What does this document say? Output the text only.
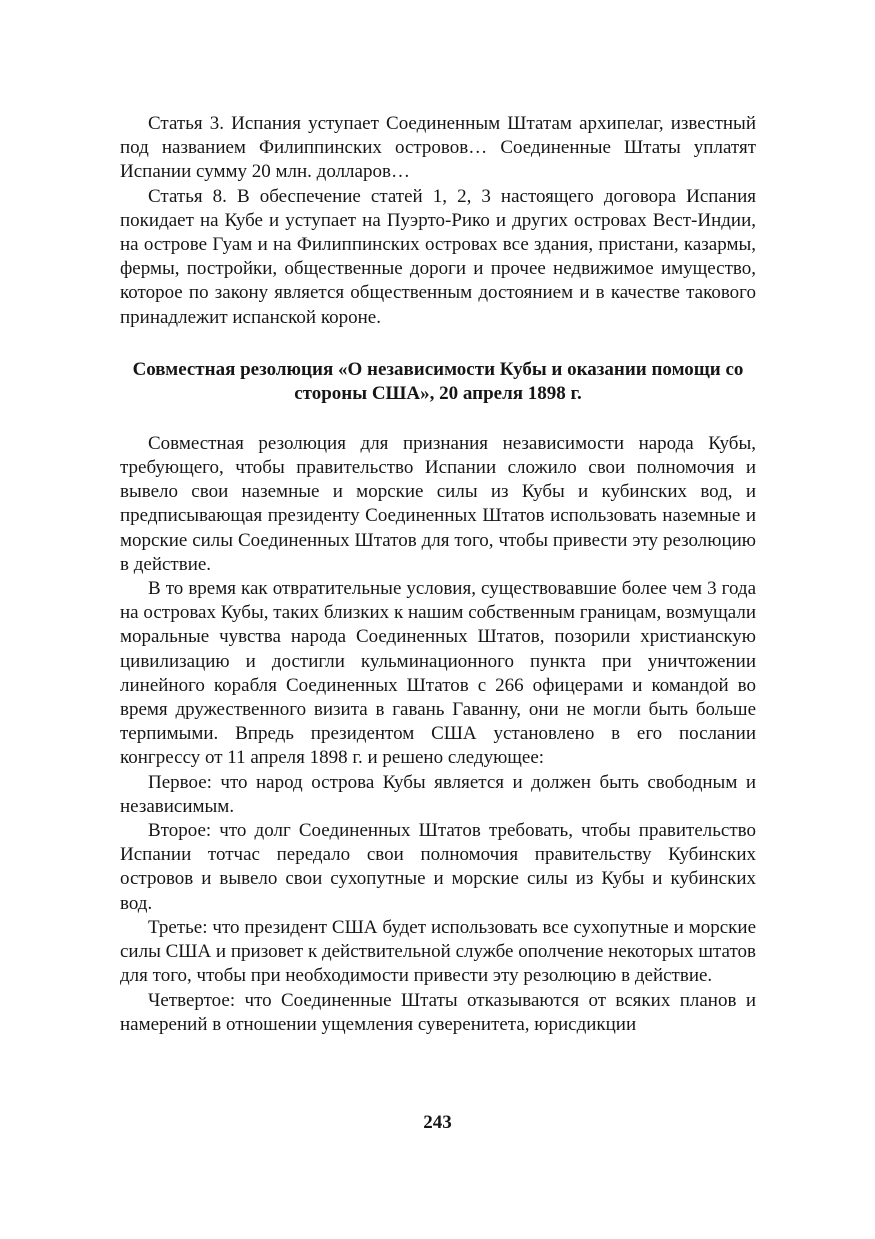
Статья 3. Испания уступает Соединенным Штатам архипелаг, известный под названием Филиппинских островов… Соединенные Штаты уплатят Испании сумму 20 млн. долларов…

Статья 8. В обеспечение статей 1, 2, 3 настоящего договора Испания покидает на Кубе и уступает на Пуэрто-Рико и других островах Вест-Индии, на острове Гуам и на Филиппинских островах все здания, пристани, казармы, фермы, постройки, общественные дороги и прочее недвижимое имущество, которое по закону является общественным достоянием и в качестве такового принадлежит испанской короне.

Совместная резолюция «О независимости Кубы и оказании помощи со стороны США», 20 апреля 1898 г.

Совместная резолюция для признания независимости народа Кубы, требующего, чтобы правительство Испании сложило свои полномочия и вывело свои наземные и морские силы из Кубы и кубинских вод, и предписывающая президенту Соединенных Штатов использовать наземные и морские силы Соединенных Штатов для того, чтобы привести эту резолюцию в действие.

В то время как отвратительные условия, существовавшие более чем 3 года на островах Кубы, таких близких к нашим собственным границам, возмущали моральные чувства народа Соединенных Штатов, позорили христианскую цивилизацию и достигли кульминационного пункта при уничтожении линейного корабля Соединенных Штатов с 266 офицерами и командой во время дружественного визита в гавань Гаванну, они не могли быть больше терпимыми. Впредь президентом США установлено в его послании конгрессу от 11 апреля 1898 г. и решено следующее:

Первое: что народ острова Кубы является и должен быть свободным и независимым.

Второе: что долг Соединенных Штатов требовать, чтобы правительство Испании тотчас передало свои полномочия правительству Кубинских островов и вывело свои сухопутные и морские силы из Кубы и кубинских вод.

Третье: что президент США будет использовать все сухопутные и морские силы США и призовет к действительной службе ополчение некоторых штатов для того, чтобы при необходимости привести эту резолюцию в действие.

Четвертое: что Соединенные Штаты отказываются от всяких планов и намерений в отношении ущемления суверенитета, юрисдикции

243
